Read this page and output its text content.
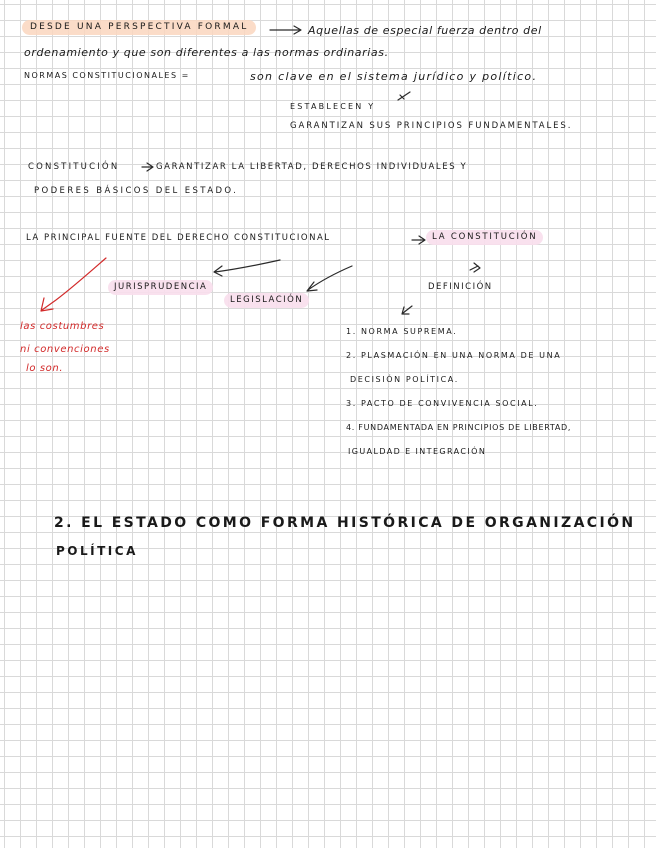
DESDE UNA PERSPECTIVA FORMAL	Aquellas de especial fuerza dentro del
ordenamiento y que son diferentes a las normas ordinarias.
NORMAS CONSTITUCIONALES =	son clave en el sistema jurídico y político.
ESTABLECEN Y
GARANTIZAN SUS PRINCIPIOS FUNDAMENTALES.
CONSTITUCIÓN	GARANTIZAR LA LIBERTAD, DERECHOS INDIVIDUALES Y
PODERES BÁSICOS DEL ESTADO.
LA PRINCIPAL FUENTE DEL DERECHO CONSTITUCIONAL	LA CONSTITUCIÓN
JURISPRUDENCIA
LEGISLACIÓN
DEFINICIÓN
las costumbres
ni convenciones
lo son.
1. NORMA SUPREMA.
2. PLASMACIÓN EN UNA NORMA DE UNA
DECISIÓN POLÍTICA.
3. PACTO DE CONVIVENCIA SOCIAL.
4. FUNDAMENTADA EN PRINCIPIOS DE LIBERTAD,
IGUALDAD E INTEGRACIÓN
2. EL ESTADO COMO FORMA HISTÓRICA DE ORGANIZACIÓN
POLÍTICA
